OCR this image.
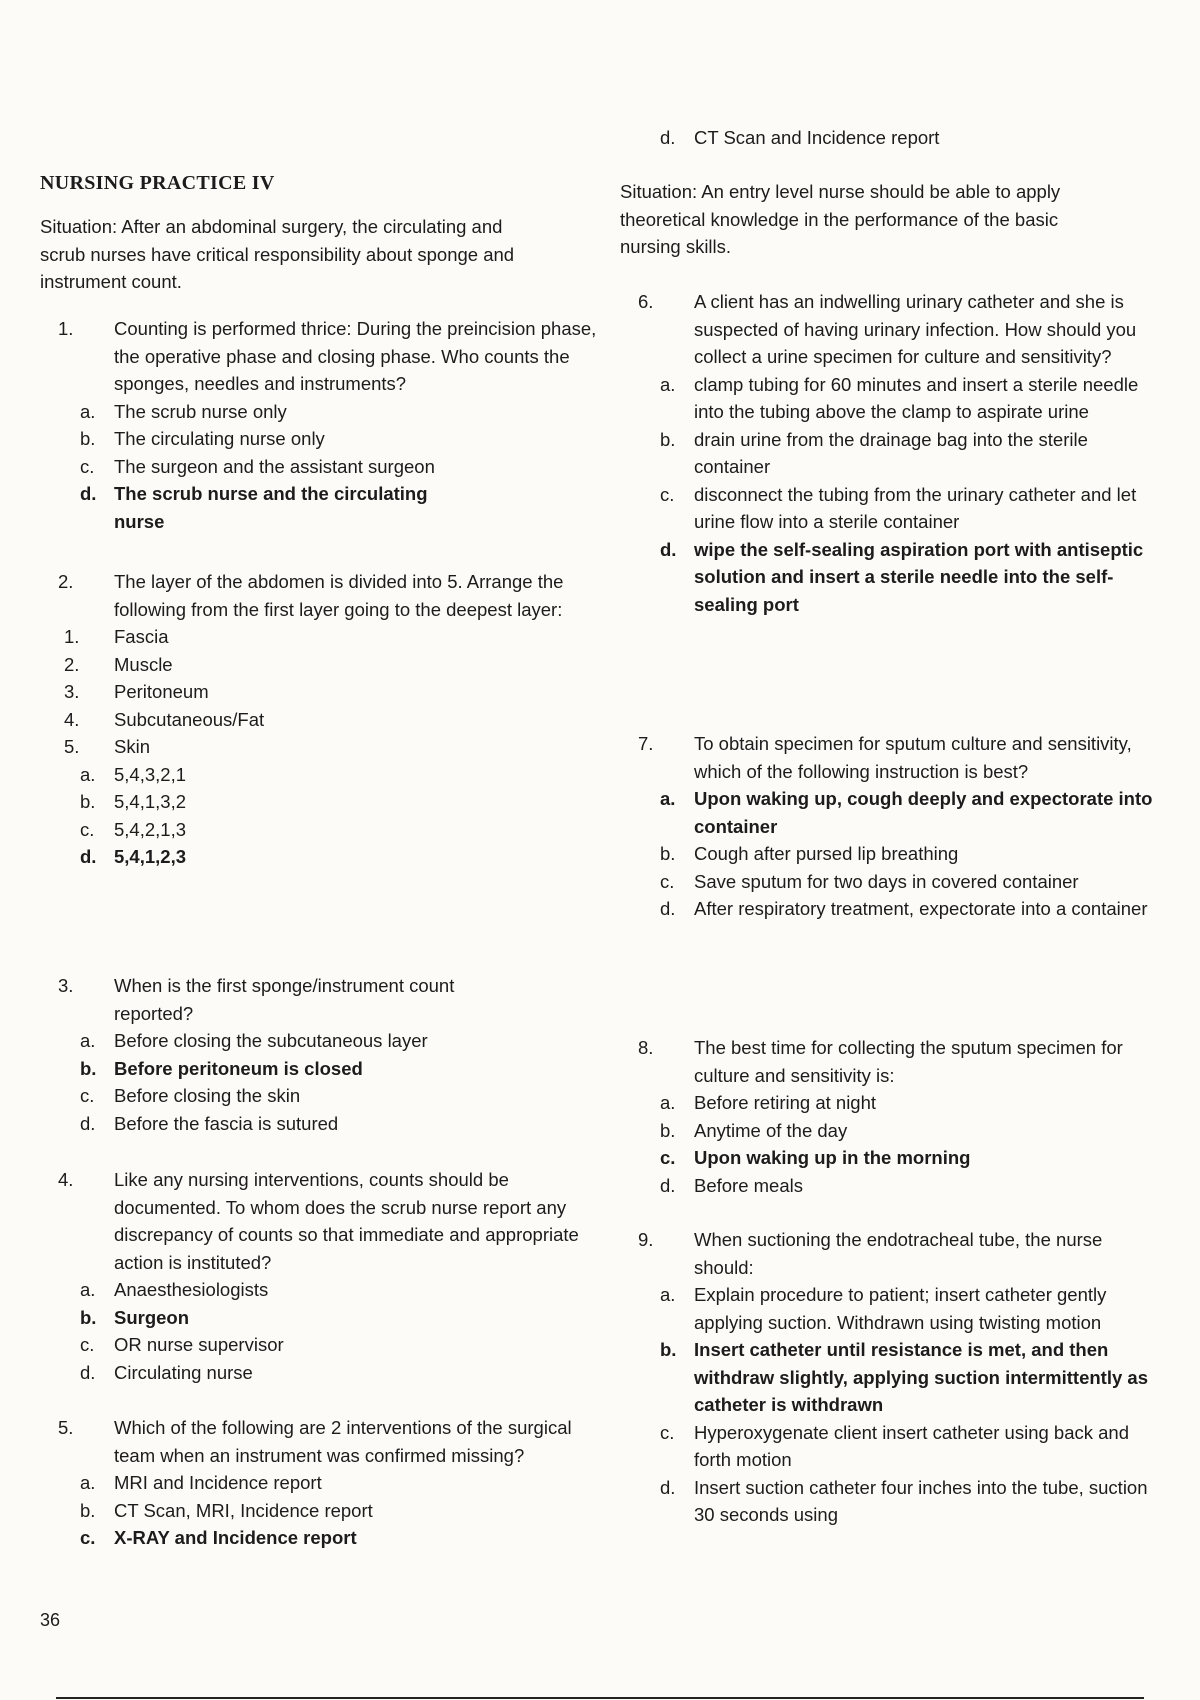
NURSING PRACTICE IV

Situation: After an abdominal surgery, the circulating and scrub nurses have critical responsibility about sponge and instrument count.

1. Counting is performed thrice: During the preincision phase, the operative phase and closing phase. Who counts the sponges, needles and instruments?
a. The scrub nurse only
b. The circulating nurse only
c. The surgeon and the assistant surgeon
d. The scrub nurse and the circulating nurse
2. The layer of the abdomen is divided into 5. Arrange the following from the first layer going to the deepest layer:
1. Fascia
2. Muscle
3. Peritoneum
4. Subcutaneous/Fat
5. Skin
a. 5,4,3,2,1
b. 5,4,1,3,2
c. 5,4,2,1,3
d. 5,4,1,2,3
3. When is the first sponge/instrument count reported?
a. Before closing the subcutaneous layer
b. Before peritoneum is closed
c. Before closing the skin
d. Before the fascia is sutured
4. Like any nursing interventions, counts should be documented. To whom does the scrub nurse report any discrepancy of counts so that immediate and appropriate action is instituted?
a. Anaesthesiologists
b. Surgeon
c. OR nurse supervisor
d. Circulating nurse
5. Which of the following are 2 interventions of the surgical team when an instrument was confirmed missing?
a. MRI and Incidence report
b. CT Scan, MRI, Incidence report
c. X-RAY and Incidence report
d. CT Scan and Incidence report

Situation: An entry level nurse should be able to apply theoretical knowledge in the performance of the basic nursing skills.

6. A client has an indwelling urinary catheter and she is suspected of having urinary infection. How should you collect a urine specimen for culture and sensitivity?
a. clamp tubing for 60 minutes and insert a sterile needle into the tubing above the clamp to aspirate urine
b. drain urine from the drainage bag into the sterile container
c. disconnect the tubing from the urinary catheter and let urine flow into a sterile container
d. wipe the self-sealing aspiration port with antiseptic solution and insert a sterile needle into the self-sealing port
7. To obtain specimen for sputum culture and sensitivity, which of the following instruction is best?
a. Upon waking up, cough deeply and expectorate into container
b. Cough after pursed lip breathing
c. Save sputum for two days in covered container
d. After respiratory treatment, expectorate into a container
8. The best time for collecting the sputum specimen for culture and sensitivity is:
a. Before retiring at night
b. Anytime of the day
c. Upon waking up in the morning
d. Before meals
9. When suctioning the endotracheal tube, the nurse should:
a. Explain procedure to patient; insert catheter gently applying suction. Withdrawn using twisting motion
b. Insert catheter until resistance is met, and then withdraw slightly, applying suction intermittently as catheter is withdrawn
c. Hyperoxygenate client insert catheter using back and forth motion
d. Insert suction catheter four inches into the tube, suction 30 seconds using
36
